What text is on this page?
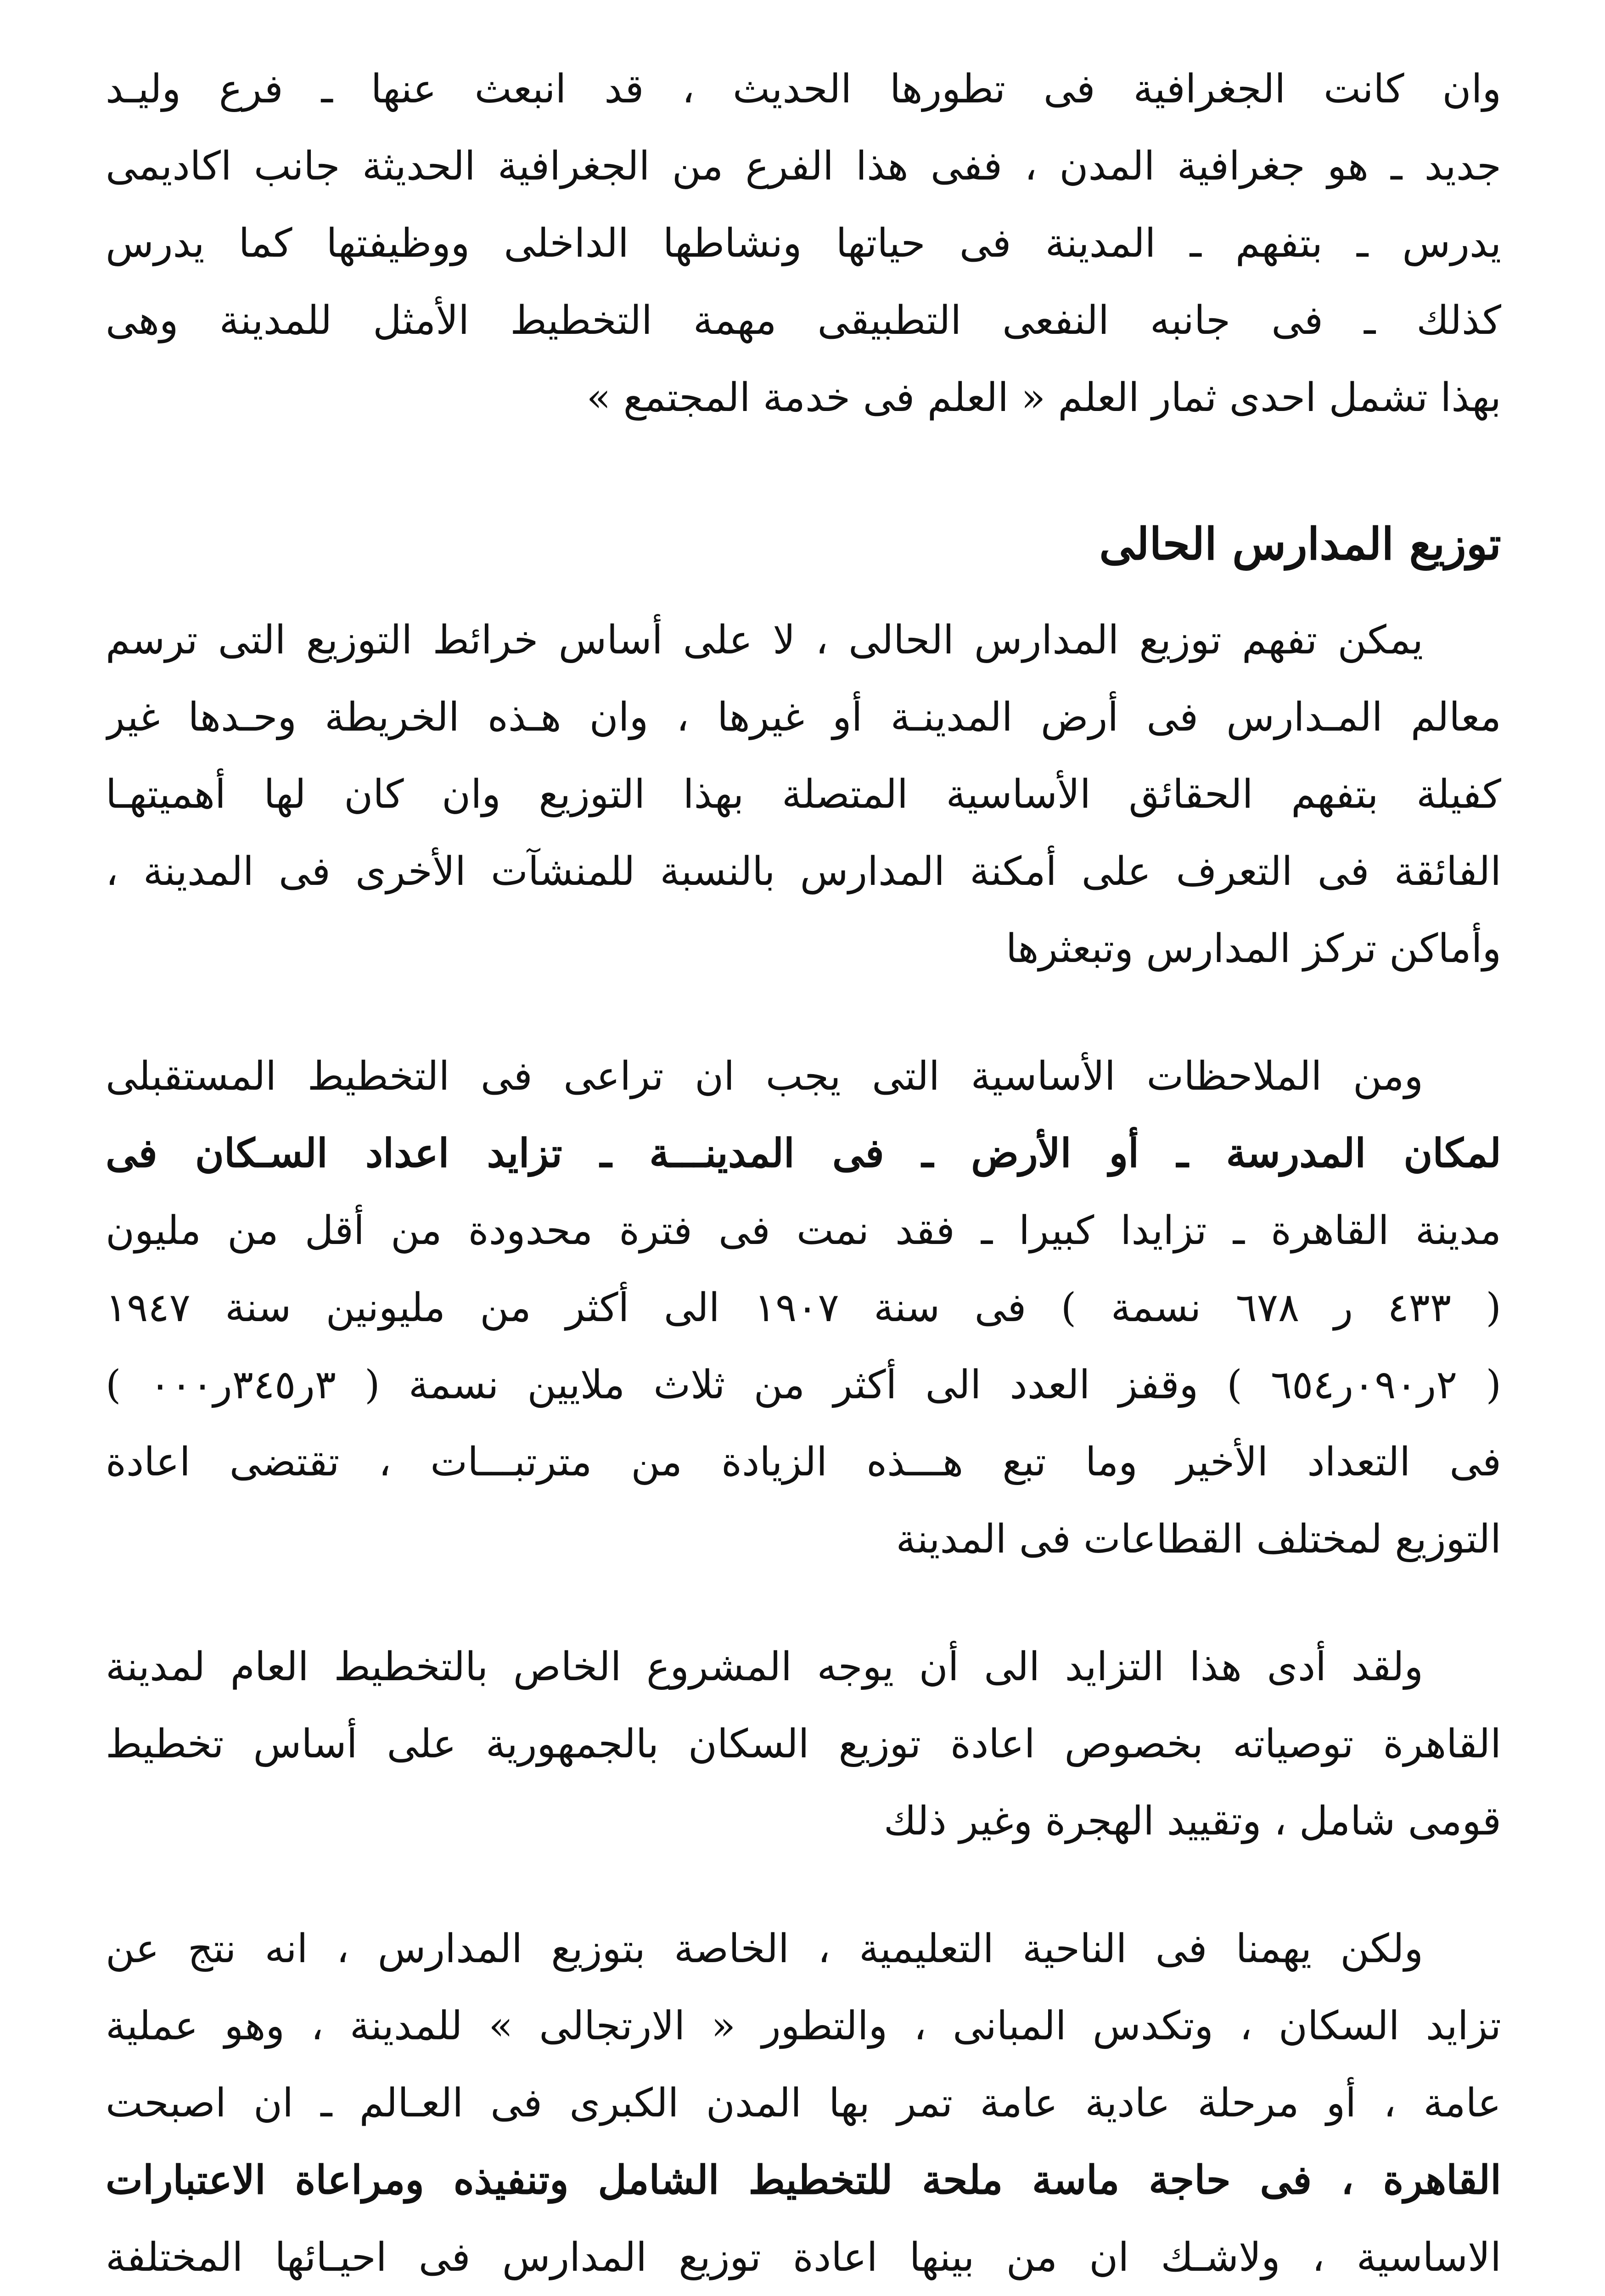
وان كانت الجغرافية فى تطورها الحديث ، قد انبعث عنها ـ فرع وليـد
جديد ـ هو جغرافية المدن ، ففى هذا الفرع من الجغرافية الحديثة جانب اكاديمى
يدرس ـ بتفهم ـ المدينة فى حياتها ونشاطها الداخلى ووظيفتها كما يدرس
كذلك ـ فى جانبه النفعى التطبيقى مهمة التخطيط الأمثل للمدينة وهى
بهذا تشمل احدى ثمار العلم « العلم فى خدمة المجتمع »
توزيع المدارس الحالى
يمكن تفهم توزيع المدارس الحالى ، لا على أساس خرائط التوزيع التى ترسم
معالم المـدارس فى أرض المدينـة أو غيرها ، وان هـذه الخريطة وحـدها غير
كفيلة بتفهم الحقائق الأساسية المتصلة بهذا التوزيع وان كان لها أهميتهـا
الفائقة فى التعرف على أمكنة المدارس بالنسبة للمنشآت الأخرى فى المدينة ،
وأماكن تركز المدارس وتبعثرها
ومن الملاحظات الأساسية التى يجب ان تراعى فى التخطيط المستقبلى
لمكان المدرسة ـ أو الأرض ـ فى المدينـــة ـ تزايد اعداد السـكان فى
مدينة القاهرة ـ تزايدا كبيرا ـ فقد نمت فى فترة محدودة من أقل من مليون
( ٤٣٣ ر ٦٧٨ نسمة ) فى سنة ١٩٠٧ الى أكثر من مليونين سنة ١٩٤٧
( ٢ر٠٩٠ر٦٥٤ ) وقفز العدد الى أكثر من ثلاث ملايين نسمة ( ٣ر٣٤٥ر٠٠٠ )
فى التعداد الأخير وما تبع هـــذه الزيادة من مترتبـــات ، تقتضى اعادة
التوزيع لمختلف القطاعات فى المدينة
ولقد أدى هذا التزايد الى أن يوجه المشروع الخاص بالتخطيط العام لمدينة
القاهرة توصياته بخصوص اعادة توزيع السكان بالجمهورية على أساس تخطيط
قومى شامل ، وتقييد الهجرة وغير ذلك
ولكن يهمنا فى الناحية التعليمية ، الخاصة بتوزيع المدارس ، انه نتج عن
تزايد السكان ، وتكدس المبانى ، والتطور « الارتجالى » للمدينة ، وهو عملية
عامة ، أو مرحلة عادية عامة تمر بها المدن الكبرى فى العـالم ـ ان اصبحت
القاهرة ، فى حاجة ماسة ملحة للتخطيط الشامل وتنفيذه ومراعاة الاعتبارات
الاساسية ، ولاشـك ان من بينها اعادة توزيع المدارس فى احيـائها المختلفة
